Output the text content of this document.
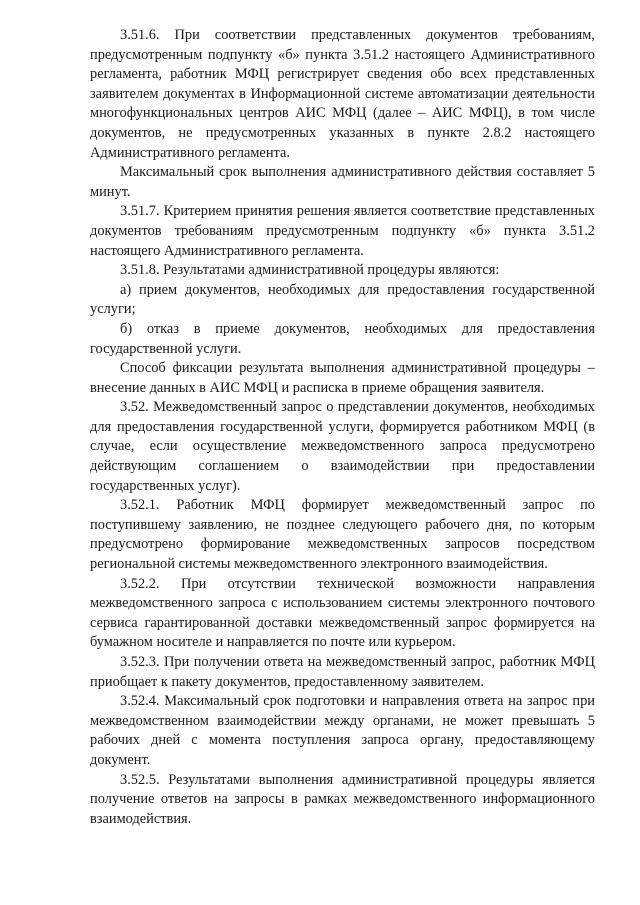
3.51.6. При соответствии представленных документов требованиям, предусмотренным подпункту «б» пункта 3.51.2 настоящего Административного регламента, работник МФЦ регистрирует сведения обо всех представленных заявителем документах в Информационной системе автоматизации деятельности многофункциональных центров АИС МФЦ (далее – АИС МФЦ), в том числе документов, не предусмотренных указанных в пункте 2.8.2 настоящего Административного регламента.

Максимальный срок выполнения административного действия составляет 5 минут.

3.51.7. Критерием принятия решения является соответствие представленных документов требованиям предусмотренным подпункту «б» пункта 3.51.2 настоящего Административного регламента.

3.51.8. Результатами административной процедуры являются:

а) прием документов, необходимых для предоставления государственной услуги;

б) отказ в приеме документов, необходимых для предоставления государственной услуги.

Способ фиксации результата выполнения административной процедуры – внесение данных в АИС МФЦ и расписка в приеме обращения заявителя.

3.52. Межведомственный запрос о представлении документов, необходимых для предоставления государственной услуги, формируется работником МФЦ (в случае, если осуществление межведомственного запроса предусмотрено действующим соглашением о взаимодействии при предоставлении государственных услуг).

3.52.1. Работник МФЦ формирует межведомственный запрос по поступившему заявлению, не позднее следующего рабочего дня, по которым предусмотрено формирование межведомственных запросов посредством региональной системы межведомственного электронного взаимодействия.

3.52.2. При отсутствии технической возможности направления межведомственного запроса с использованием системы электронного почтового сервиса гарантированной доставки межведомственный запрос формируется на бумажном носителе и направляется по почте или курьером.

3.52.3. При получении ответа на межведомственный запрос, работник МФЦ приобщает к пакету документов, предоставленному заявителем.

3.52.4. Максимальный срок подготовки и направления ответа на запрос при межведомственном взаимодействии между органами, не может превышать 5 рабочих дней с момента поступления запроса органу, предоставляющему документ.

3.52.5. Результатами выполнения административной процедуры является получение ответов на запросы в рамках межведомственного информационного взаимодействия.
